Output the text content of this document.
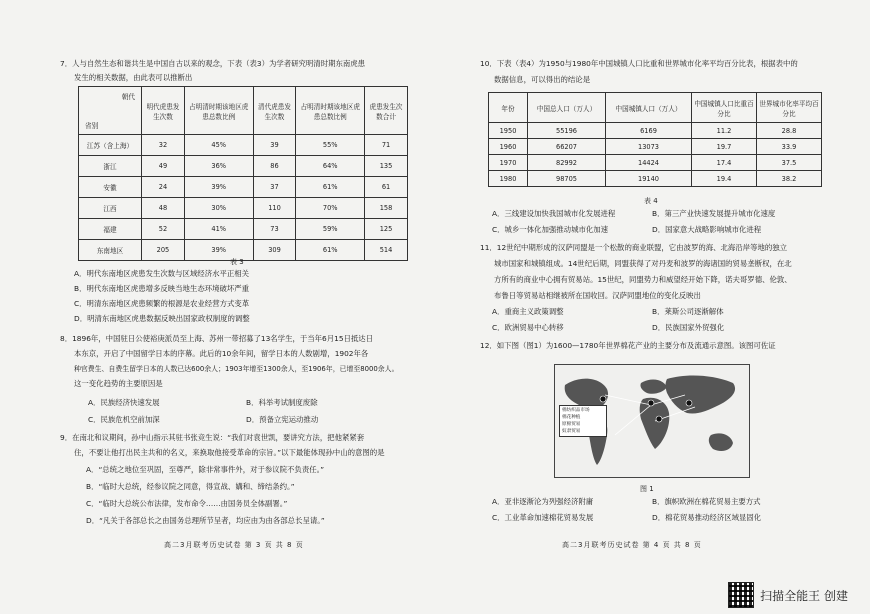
7．人与自然生态和谐共生是中国自古以来的观念，下表（表3）为学者研究明清时期东南虎患
发生的相关数据，由此表可以推断出
朝代
省别	明代虎患发生次数	占明清时期该地区虎患总数比例	清代虎患发生次数	占明清时期该地区虎患总数比例	虎患发生次数合计
江苏（含上海）	32	45%	39	55%	71
浙江	49	36%	86	64%	135
安徽	24	39%	37	61%	61
江西	48	30%	110	70%	158
福建	52	41%	73	59%	125
东南地区	205	39%	309	61%	514
表 3
A．明代东南地区虎患发生次数与区域经济水平正相关
B．明代东南地区虎患增多反映当地生态环境破坏严重
C．明清东南地区虎患频繁的根源是农业经营方式变革
D．明清东南地区虎患数据反映出国家政权制度的调整
8．1896年，中国驻日公使裕庚派员至上海、苏州一带招募了13名学生，于当年6月15日抵达日
本东京，开启了中国留学日本的序幕。此后的10余年间，留学日本的人数剧增，1902年各
种官费生、自费生留学日本的人数已达600余人；1903年增至1300余人，至1906年，已增至8000余人。
这一变化趋势的主要原因是
A．民族经济快速发展	B．科举考试制度废除
C．民族危机空前加深	D．预备立宪运动推动
9．在南北和议期间，孙中山指示其驻书张竞生说：“我们对袁世凯，要讲究方法，把他紧紧套
住，不要让他打出民主共和的名义，来换取他接受革命的宗旨。”以下最能体现孙中山的意图的是
A．“总统之地位至巩固，至尊严，除非常事件外，对于参议院不负责任。”
B．“临时大总统，经参议院之同意，得宣战、媾和、缔结条约。”
C．“临时大总统公布法律，发布命令……由国务员全体副署。”
D．“凡关于各部总长之由国务总理所节呈者，均应由为由各部总长呈请。”
高二3月联考历史试卷 第 3 页 共 8 页
10．下表（表4）为1950与1980年中国城镇人口比重和世界城市化率平均百分比表，根据表中的
数据信息，可以得出的结论是
年份	中国总人口（万人）	中国城镇人口（万人）	中国城镇人口比重百分比	世界城市化率平均百分比
1950	55196	6169	11.2	28.8
1960	66207	13073	19.7	33.9
1970	82992	14424	17.4	37.5
1980	98705	19140	19.4	38.2
表 4
A．三线建设加快我国城市化发展进程	B．第三产业快速发展提升城市化速度
C．城乡一体化加强推动城市化加速	D．国家意大战略影响城市化进程
11．12世纪中期形成的汉萨同盟是一个松散的商业联盟，它由波罗的海、北海沿岸等地的独立
城市国家和城镇组成。14世纪后期，同盟获得了对丹麦和波罗的海诸国的贸易垄断权，在北
方所有的商业中心拥有贸易站。15世纪，同盟势力和威望经开始下降，诺夫哥罗德、伦敦、
布鲁日等贸易站相继被所在国收回。汉萨同盟地位的变化反映出
A．重商主义政策调整	B．莱斯公司逐渐解体
C．欧洲贸易中心转移	D．民族国家外贸强化
12．如下图（图1）为1600—1780年世界棉花产业的主要分布及流通示意图。该图可佐证
棉纺织品市场
棉花种植
原棉贸易
奴隶贸易
图 1
A．亚非逐渐沦为列强经济附庸	B．旗帜欧洲在棉花贸易主要方式
C．工业革命加速棉花贸易发展	D．棉花贸易推动经济区域显固化
高二3月联考历史试卷 第 4 页 共 8 页
扫描全能王 创建
